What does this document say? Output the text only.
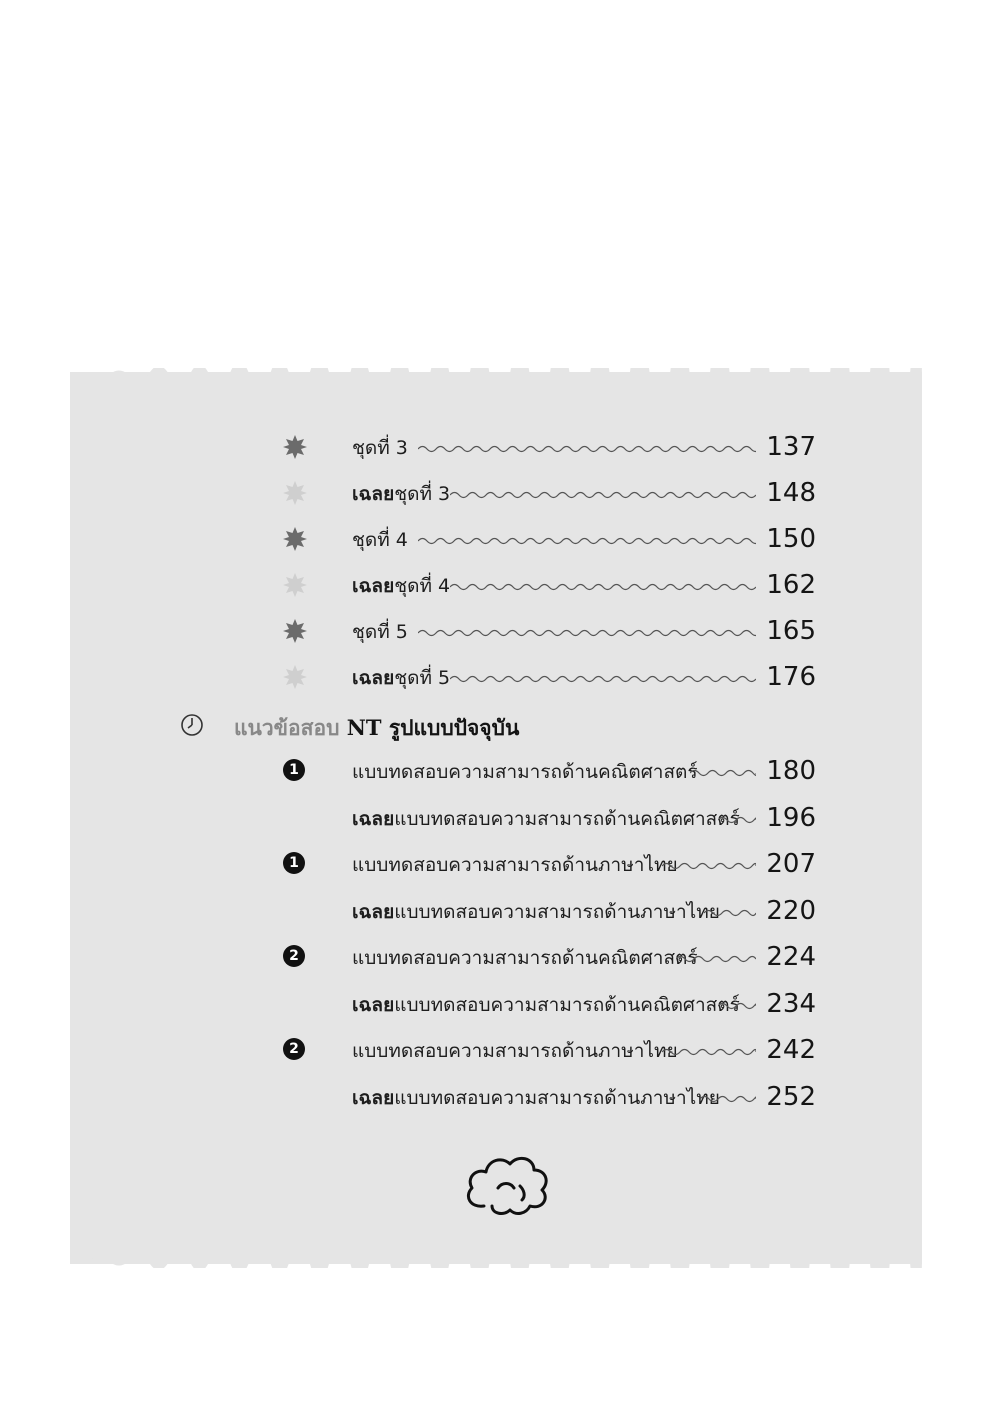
ชุดที่ 3	137
เฉลยชุดที่ 3	148
ชุดที่ 4	150
เฉลยชุดที่ 4	162
ชุดที่ 5	165
เฉลยชุดที่ 5	176
แนวข้อสอบ NT รูปแบบปัจจุบัน
1	แบบทดสอบความสามารถด้านคณิตศาสตร์	180
เฉลยแบบทดสอบความสามารถด้านคณิตศาสตร์ 196
1	แบบทดสอบความสามารถด้านภาษาไทย	207
เฉลยแบบทดสอบความสามารถด้านภาษาไทย 220
2	แบบทดสอบความสามารถด้านคณิตศาสตร์	224
เฉลยแบบทดสอบความสามารถด้านคณิตศาสตร์ 234
2	แบบทดสอบความสามารถด้านภาษาไทย	242
เฉลยแบบทดสอบความสามารถด้านภาษาไทย 252
